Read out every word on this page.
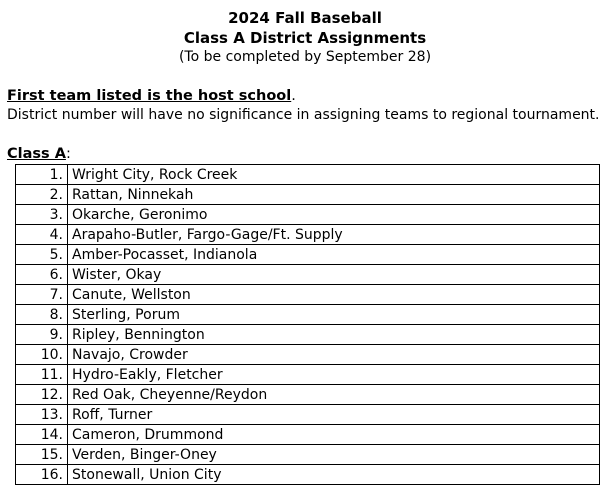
2024 Fall Baseball
Class A District Assignments
(To be completed by September 28)
First team listed is the host school.
District number will have no significance in assigning teams to regional tournament.
Class A:
1.	Wright City, Rock Creek
2.	Rattan, Ninnekah
3.	Okarche, Geronimo
4.	Arapaho-Butler, Fargo-Gage/Ft. Supply
5.	Amber-Pocasset, Indianola
6.	Wister, Okay
7.	Canute, Wellston
8.	Sterling, Porum
9.	Ripley, Bennington
10.	Navajo, Crowder
11.	Hydro-Eakly, Fletcher
12.	Red Oak, Cheyenne/Reydon
13.	Roff, Turner
14.	Cameron, Drummond
15.	Verden, Binger-Oney
16.	Stonewall, Union City
